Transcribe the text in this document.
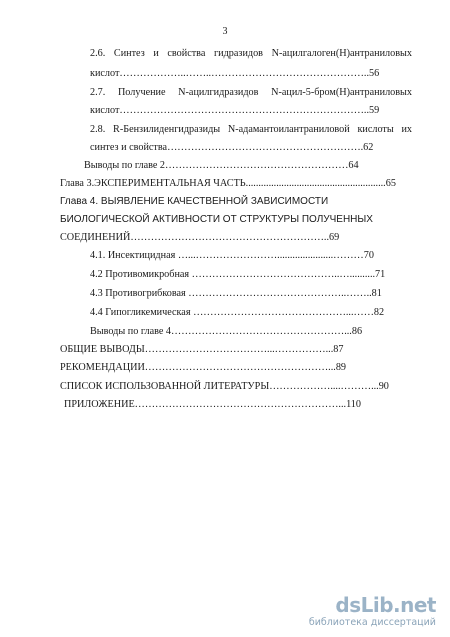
3
2.6. Синтез и свойства гидразидов N-ацилгалоген(Н)антраниловых
кислот………………..……..………………………………………..56
2.7. Получение N-ацилгидразидов N-ацил-5-бром(Н)антраниловых
кислот………………………………………………………………..59
2.8. R-Бензилиденгидразиды N-адамантоилантраниловой кислоты их
синтез и свойства………………………………………………….62
Выводы по главе 2………………………………………………64
Глава 3.ЭКСПЕРИМЕНТАЛЬНАЯ ЧАСТЬ.......................................................65
Глава 4. ВЫЯВЛЕНИЕ КАЧЕСТВЕННОЙ ЗАВИСИМОСТИ
БИОЛОГИЧЕСКОЙ АКТИВНОСТИ ОТ СТРУКТУРЫ ПОЛУЧЕННЫХ
СОЕДИНЕНИЙ…………………………………………………..69
4.1. Инсектицидная …...……………………......................………70
4.2 Противомикробная ……………………………………..…..........71
4.3 Противогрибковая ………………………………………..……..81
4.4 Гипогликемическая ………………………………………...……82
Выводы по главе 4……………………………………………...86
ОБЩИЕ ВЫВОДЫ………………………………...……………...87
РЕКОМЕНДАЦИИ………………………………………………...89
СПИСОК ИСПОЛЬЗОВАННОЙ ЛИТЕРАТУРЫ………………....………...90
ПРИЛОЖЕНИЕ……………………………………………………...110
dsLib.net
библиотека диссертаций
